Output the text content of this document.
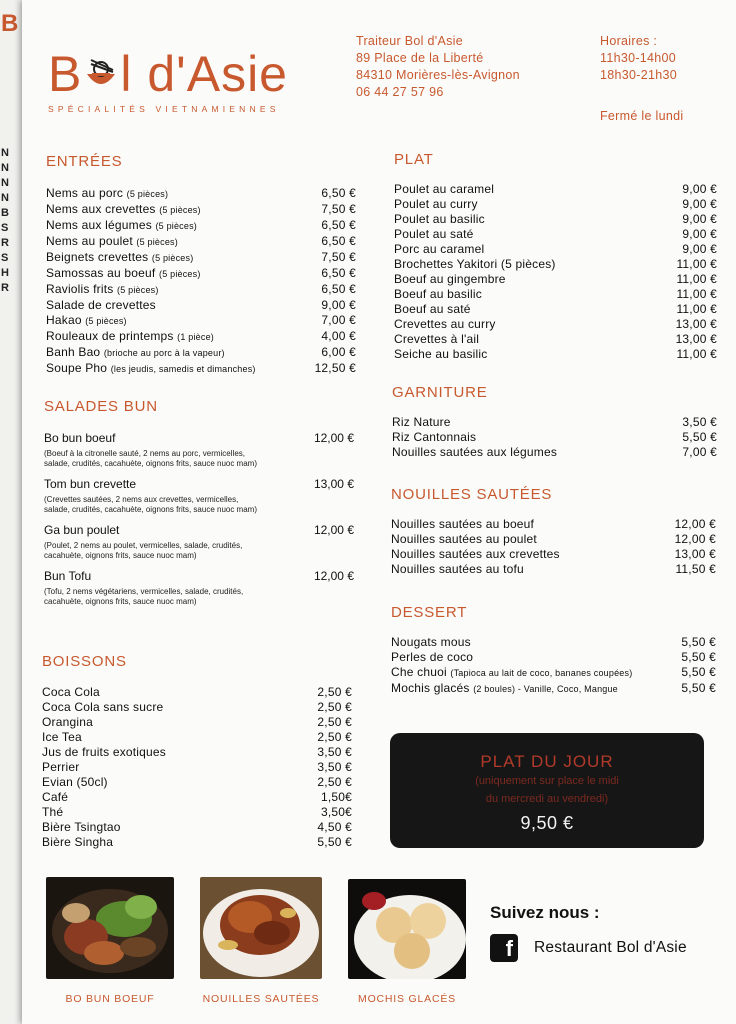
B
N
N
N
N
B
S
R
S
H
R
B l d'Asie
SPÉCIALITÉS VIETNAMIENNES
Traiteur Bol d'Asie
89 Place de la Liberté
84310 Morières-lès-Avignon
06 44 27 57 96
Horaires :
11h30-14h00
18h30-21h30
Fermé le lundi
ENTRÉES
Nems au porc (5 pièces)	6,50 €
Nems aux crevettes (5 pièces)	7,50 €
Nems aux légumes (5 pièces)	6,50 €
Nems au poulet (5 pièces)	6,50 €
Beignets crevettes (5 pièces)	7,50 €
Samossas au boeuf (5 pièces)	6,50 €
Raviolis frits (5 pièces)	6,50 €
Salade de crevettes	9,00 €
Hakao (5 pièces)	7,00 €
Rouleaux de printemps (1 pièce)	4,00 €
Banh Bao (brioche au porc à la vapeur)	6,00 €
Soupe Pho (les jeudis, samedis et dimanches)	12,50 €
SALADES BUN
Bo bun boeuf	12,00 €
(Boeuf à la citronelle sauté, 2 nems au porc, vermicelles, salade, crudités, cacahuète, oignons frits, sauce nuoc mam)
Tom bun crevette	13,00 €
(Crevettes sautées, 2 nems aux crevettes, vermicelles, salade, crudités, cacahuète, oignons frits, sauce nuoc mam)
Ga bun poulet	12,00 €
(Poulet, 2 nems au poulet, vermicelles, salade, crudités, cacahuète, oignons frits, sauce nuoc mam)
Bun Tofu	12,00 €
(Tofu, 2 nems végétariens, vermicelles, salade, crudités, cacahuète, oignons frits, sauce nuoc mam)
BOISSONS
Coca Cola	2,50 €
Coca Cola sans sucre	2,50 €
Orangina	2,50 €
Ice Tea	2,50 €
Jus de fruits exotiques	3,50 €
Perrier	3,50 €
Evian (50cl)	2,50 €
Café	1,50€
Thé	3,50€
Bière Tsingtao	4,50 €
Bière Singha	5,50 €
PLAT
Poulet au caramel	9,00 €
Poulet au curry	9,00 €
Poulet au basilic	9,00 €
Poulet au saté	9,00 €
Porc au caramel	9,00 €
Brochettes Yakitori (5 pièces)	11,00 €
Boeuf au gingembre	11,00 €
Boeuf au basilic	11,00 €
Boeuf au saté	11,00 €
Crevettes au curry	13,00 €
Crevettes à l'ail	13,00 €
Seiche au basilic	11,00 €
GARNITURE
Riz Nature	3,50 €
Riz Cantonnais	5,50 €
Nouilles sautées aux légumes	7,00 €
NOUILLES SAUTÉES
Nouilles sautées au boeuf	12,00 €
Nouilles sautées au poulet	12,00 €
Nouilles sautées aux crevettes	13,00 €
Nouilles sautées au tofu	11,50 €
DESSERT
Nougats mous	5,50 €
Perles de coco	5,50 €
Che chuoi (Tapioca au lait de coco, bananes coupées)	5,50 €
Mochis glacés (2 boules) - Vanille, Coco, Mangue	5,50 €
PLAT DU JOUR
(uniquement sur place le midi
du mercredi au vendredi)
9,50 €
BO BUN BOEUF	NOUILLES SAUTÉES	MOCHIS GLACÉS
Suivez nous :
f	Restaurant Bol d'Asie
